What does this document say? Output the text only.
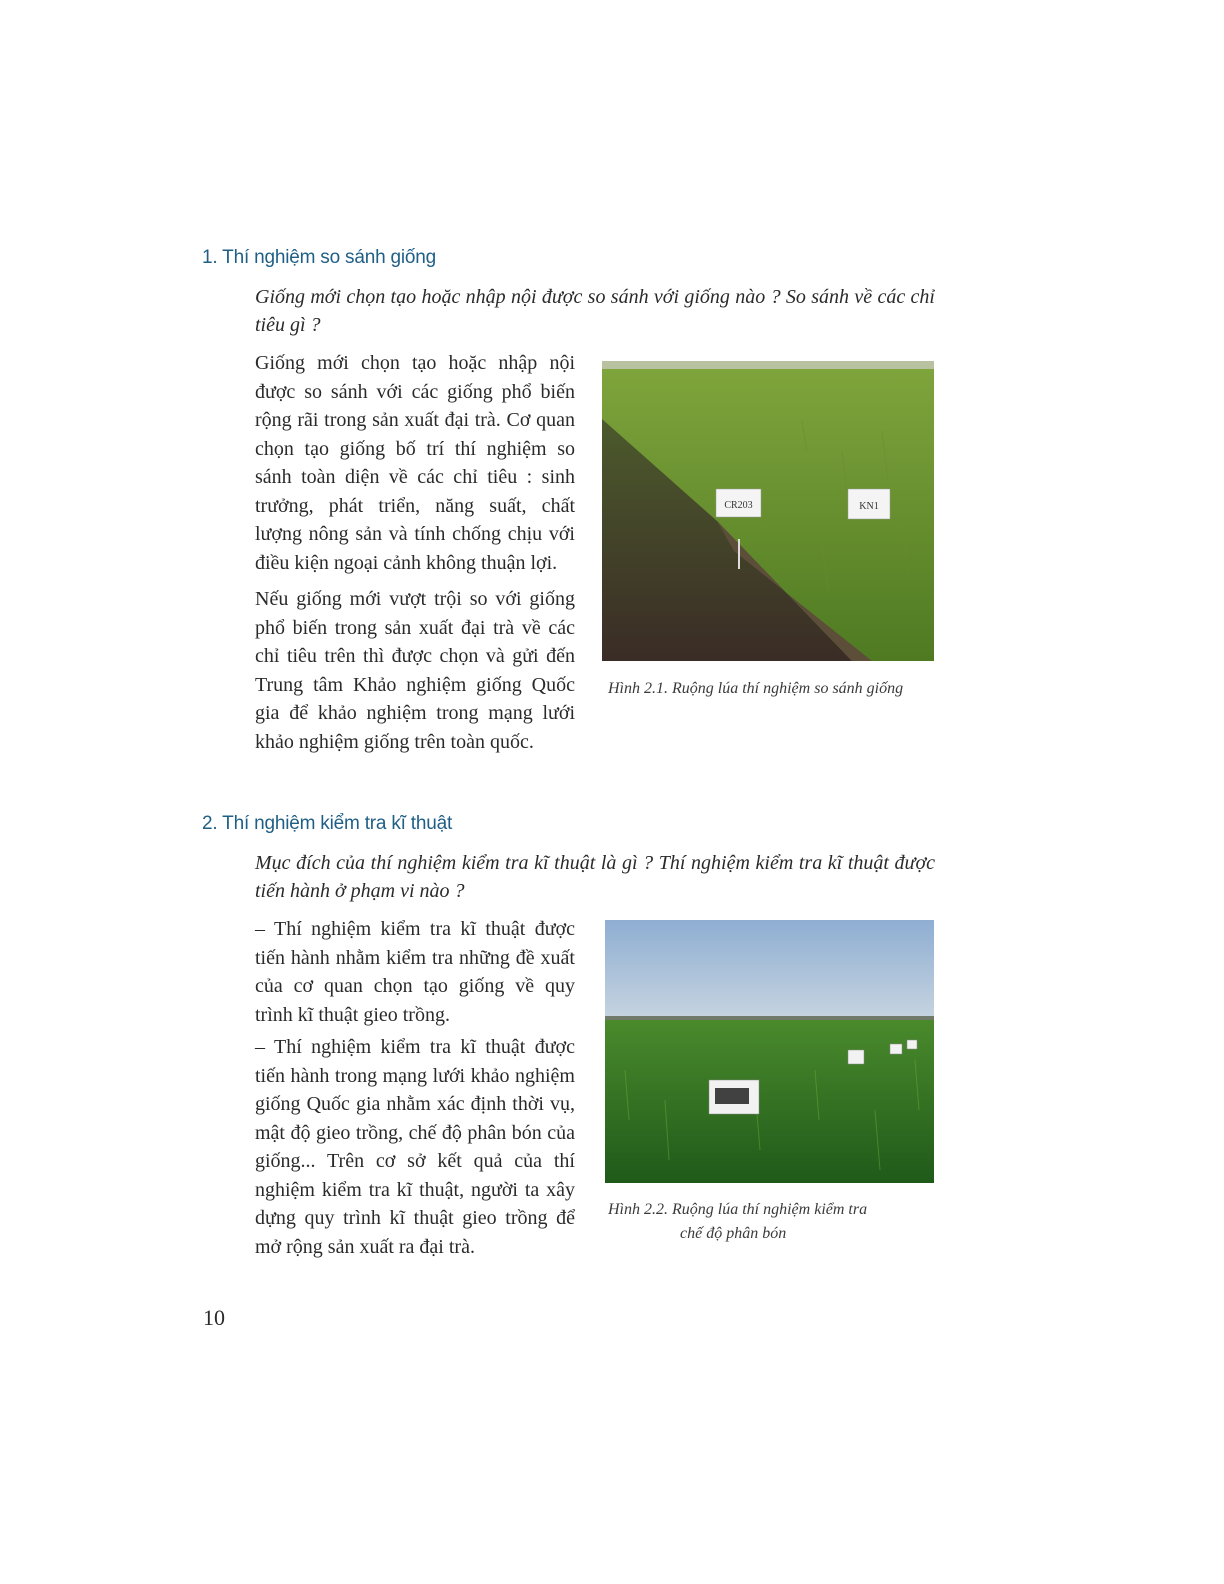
1. Thí nghiệm so sánh giống
Giống mới chọn tạo hoặc nhập nội được so sánh với giống nào ? So sánh về các chỉ tiêu gì ?

Giống mới chọn tạo hoặc nhập nội được so sánh với các giống phổ biến rộng rãi trong sản xuất đại trà. Cơ quan chọn tạo giống bố trí thí nghiệm so sánh toàn diện về các chỉ tiêu : sinh trưởng, phát triển, năng suất, chất lượng nông sản và tính chống chịu với điều kiện ngoại cảnh không thuận lợi.

Nếu giống mới vượt trội so với giống phổ biến trong sản xuất đại trà về các chỉ tiêu trên thì được chọn và gửi đến Trung tâm Khảo nghiệm giống Quốc gia để khảo nghiệm trong mạng lưới khảo nghiệm giống trên toàn quốc.

CR203	KN1
Hình 2.1. Ruộng lúa thí nghiệm so sánh giống
2. Thí nghiệm kiểm tra kĩ thuật
Mục đích của thí nghiệm kiểm tra kĩ thuật là gì ? Thí nghiệm kiểm tra kĩ thuật được tiến hành ở phạm vi nào ?

– Thí nghiệm kiểm tra kĩ thuật được tiến hành nhằm kiểm tra những đề xuất của cơ quan chọn tạo giống về quy trình kĩ thuật gieo trồng.

– Thí nghiệm kiểm tra kĩ thuật được tiến hành trong mạng lưới khảo nghiệm giống Quốc gia nhằm xác định thời vụ, mật độ gieo trồng, chế độ phân bón của giống... Trên cơ sở kết quả của thí nghiệm kiểm tra kĩ thuật, người ta xây dựng quy trình kĩ thuật gieo trồng để mở rộng sản xuất ra đại trà.

Hình 2.2. Ruộng lúa thí nghiệm kiểm tra
chế độ phân bón
10
